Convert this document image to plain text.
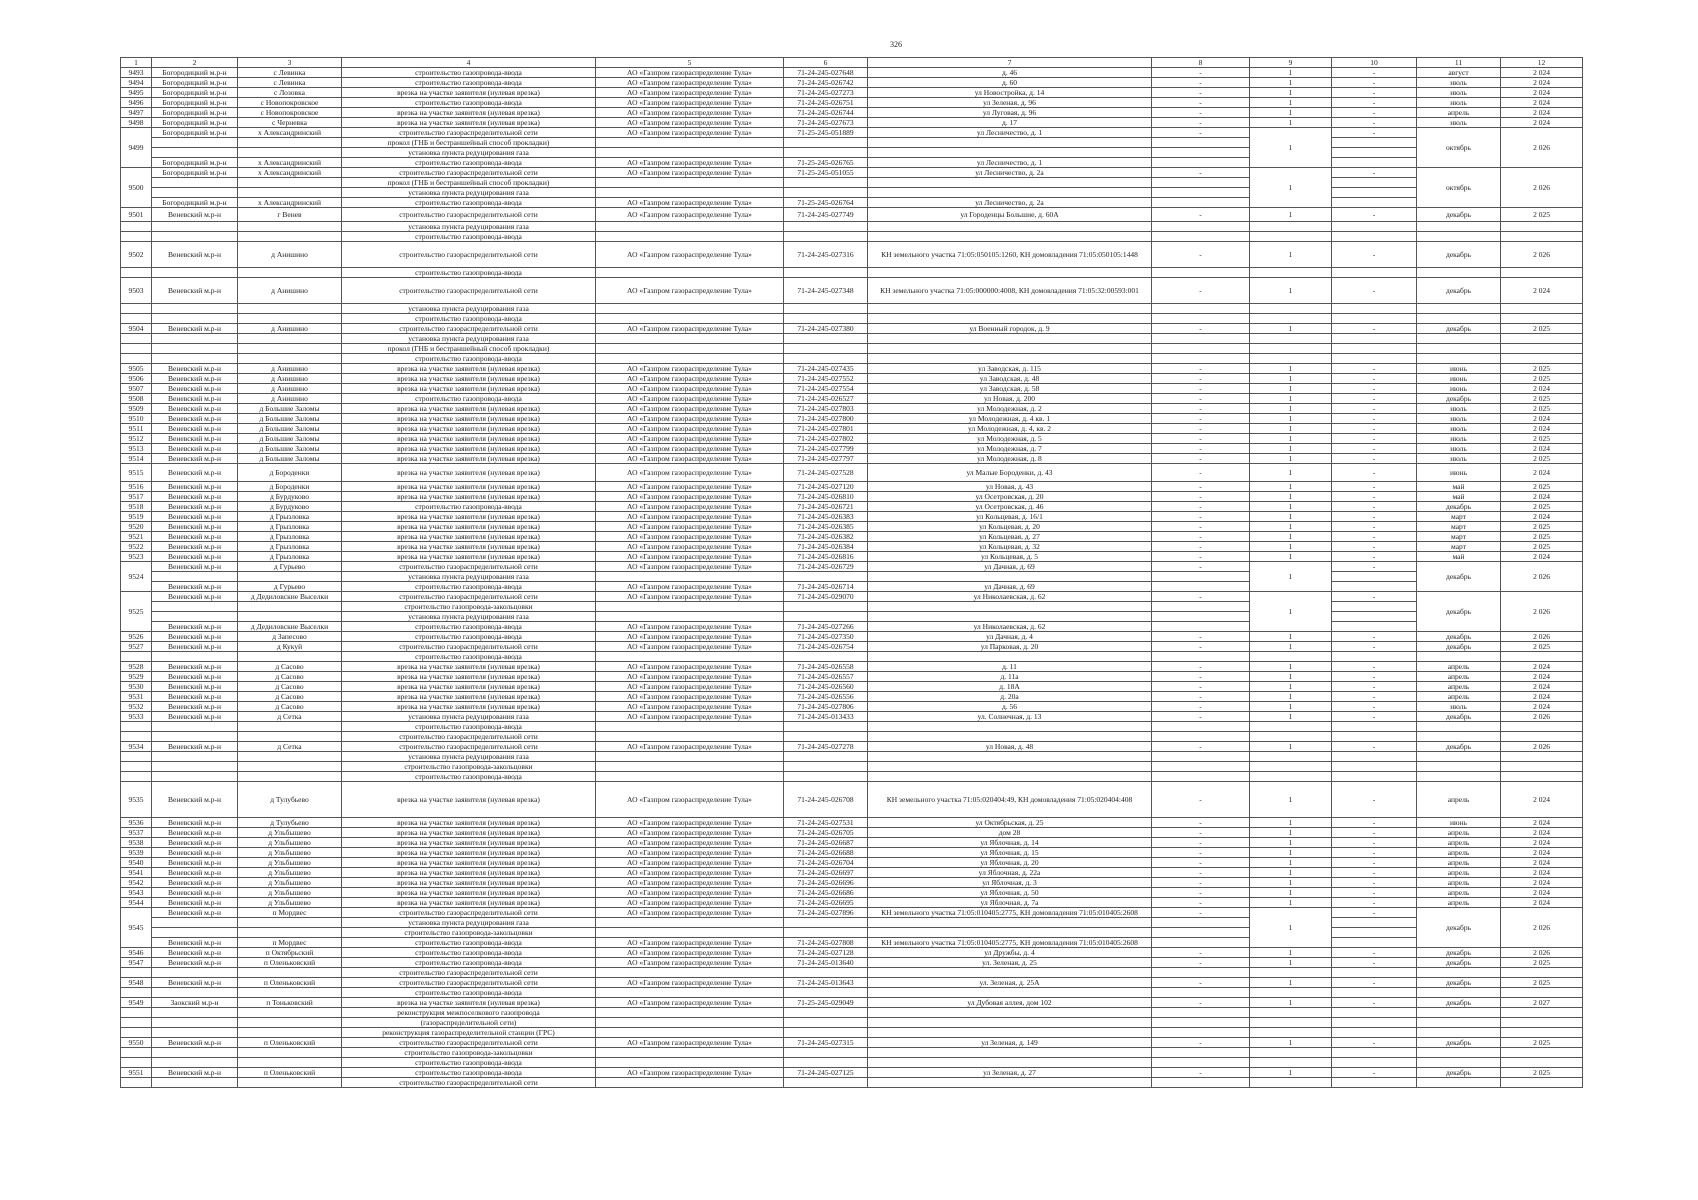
326
1	2	3	4	5	6	7	8	9	10	11	12
9493	Богородицкий м.р-н	с Левинка	строительство газопровода-ввода	АО «Газпром газораспределение Тула»	71-24-245-027648	д. 46	-	1	-	август	2 024
9494	Богородицкий м.р-н	с Левинка	строительство газопровода-ввода	АО «Газпром газораспределение Тула»	71-24-245-026742	д. 60	-	1	-	июль	2 024
9495	Богородицкий м.р-н	с Лозовка	врезка на участке заявителя (нулевая врезка)	АО «Газпром газораспределение Тула»	71-24-245-027273	ул Новостройка, д. 14	-	1	-	июль	2 024
9496	Богородицкий м.р-н	с Новопокровское	строительство газопровода-ввода	АО «Газпром газораспределение Тула»	71-24-245-026751	ул Зеленая, д. 96	-	1	-	июль	2 024
9497	Богородицкий м.р-н	с Новопокровское	врезка на участке заявителя (нулевая врезка)	АО «Газпром газораспределение Тула»	71-24-245-026744	ул Луговая, д. 96	-	1	-	апрель	2 024
9498	Богородицкий м.р-н	с Черневка	врезка на участке заявителя (нулевая врезка)	АО «Газпром газораспределение Тула»	71-24-245-027673	д. 17	-	1	-	июль	2 024
9499	Богородицкий м.р-н	х Александринский	строительство газораспределительной сети	АО «Газпром газораспределение Тула»	71-25-245-051889	ул Лесничество, д. 1	-	1	-	октябрь	2 026
			прокол (ГНБ и бестраншейный способ прокладки)								
			установка пункта редуцирования газа								
	Богородицкий м.р-н	х Александринский	строительство газопровода-ввода	АО «Газпром газораспределение Тула»	71-25-245-026765	ул Лесничество, д. 1					
9500	Богородицкий м.р-н	х Александринский	строительство газораспределительной сети	АО «Газпром газораспределение Тула»	71-25-245-051055	ул Лесничество, д. 2а	-	1	-	октябрь	2 026
			прокол (ГНБ и бестраншейный способ прокладки)								
			установка пункта редуцирования газа								
	Богородицкий м.р-н	х Александринский	строительство газопровода-ввода	АО «Газпром газораспределение Тула»	71-25-245-026764	ул Лесничество, д. 2а					
9501	Веневский м.р-н	г Венев	строительство газораспределительной сети	АО «Газпром газораспределение Тула»	71-24-245-027749	ул Городенцы Большие, д. 60А	-	1	-	декабрь	2 025
			установка пункта редуцирования газа								
			строительство газопровода-ввода								
9502	Веневский м.р-н	д Анишино	строительство газораспределительной сети	АО «Газпром газораспределение Тула»	71-24-245-027316	КН земельного участка 71:05:050105:1260, КН домовладения 71:05:050105:1448	-	1	-	декабрь	2 026
			строительство газопровода-ввода								
9503	Веневский м.р-н	д Анишино	строительство газораспределительной сети	АО «Газпром газораспределение Тула»	71-24-245-027348	КН земельного участка 71:05:000000:4008, КН домовладения 71:05:32:00593:001	-	1	-	декабрь	2 024
			установка пункта редуцирования газа								
			строительство газопровода-ввода								
9504	Веневский м.р-н	д Анишино	строительство газораспределительной сети	АО «Газпром газораспределение Тула»	71-24-245-027380	ул Военный городок, д. 9	-	1	-	декабрь	2 025
			установка пункта редуцирования газа								
			прокол (ГНБ и бестраншейный способ прокладки)								
			строительство газопровода-ввода								
9505	Веневский м.р-н	д Анишино	врезка на участке заявителя (нулевая врезка)	АО «Газпром газораспределение Тула»	71-24-245-027435	ул Заводская, д. 115	-	1	-	июнь	2 025
9506	Веневский м.р-н	д Анишино	врезка на участке заявителя (нулевая врезка)	АО «Газпром газораспределение Тула»	71-24-245-027552	ул Заводская, д. 48	-	1	-	июнь	2 025
9507	Веневский м.р-н	д Анишино	врезка на участке заявителя (нулевая врезка)	АО «Газпром газораспределение Тула»	71-24-245-027554	ул Заводская, д. 58	-	1	-	июнь	2 024
9508	Веневский м.р-н	д Анишино	строительство газопровода-ввода	АО «Газпром газораспределение Тула»	71-24-245-026527	ул Новая, д. 200	-	1	-	декабрь	2 025
9509	Веневский м.р-н	д Большие Заломы	врезка на участке заявителя (нулевая врезка)	АО «Газпром газораспределение Тула»	71-24-245-027803	ул Молодежная, д. 2	-	1	-	июль	2 025
9510	Веневский м.р-н	д Большие Заломы	врезка на участке заявителя (нулевая врезка)	АО «Газпром газораспределение Тула»	71-24-245-027800	ул Молодежная, д. 4 кв. 1	-	1	-	июль	2 024
9511	Веневский м.р-н	д Большие Заломы	врезка на участке заявителя (нулевая врезка)	АО «Газпром газораспределение Тула»	71-24-245-027801	ул Молодежная, д. 4, кв. 2	-	1	-	июль	2 024
9512	Веневский м.р-н	д Большие Заломы	врезка на участке заявителя (нулевая врезка)	АО «Газпром газораспределение Тула»	71-24-245-027802	ул Молодежная, д. 5	-	1	-	июль	2 025
9513	Веневский м.р-н	д Большие Заломы	врезка на участке заявителя (нулевая врезка)	АО «Газпром газораспределение Тула»	71-24-245-027799	ул Молодежная, д. 7	-	1	-	июль	2 024
9514	Веневский м.р-н	д Большие Заломы	врезка на участке заявителя (нулевая врезка)	АО «Газпром газораспределение Тула»	71-24-245-027797	ул Молодежная, д. 8	-	1	-	июль	2 025
9515	Веневский м.р-н	д Бороденки	врезка на участке заявителя (нулевая врезка)	АО «Газпром газораспределение Тула»	71-24-245-027528	ул Малые Бороденки, д. 43	-	1	-	июнь	2 024
9516	Веневский м.р-н	д Бороденки	врезка на участке заявителя (нулевая врезка)	АО «Газпром газораспределение Тула»	71-24-245-027120	ул Новая, д. 43	-	1	-	май	2 025
9517	Веневский м.р-н	д Бурдуково	врезка на участке заявителя (нулевая врезка)	АО «Газпром газораспределение Тула»	71-24-245-026810	ул Осетровская, д. 20	-	1	-	май	2 024
9518	Веневский м.р-н	д Бурдуково	строительство газопровода-ввода	АО «Газпром газораспределение Тула»	71-24-245-026721	ул Осетровская, д. 46	-	1	-	декабрь	2 025
9519	Веневский м.р-н	д Грызловка	врезка на участке заявителя (нулевая врезка)	АО «Газпром газораспределение Тула»	71-24-245-026383	ул Кольцевая, д. 16/1	-	1	-	март	2 024
9520	Веневский м.р-н	д Грызловка	врезка на участке заявителя (нулевая врезка)	АО «Газпром газораспределение Тула»	71-24-245-026385	ул Кольцевая, д. 20	-	1	-	март	2 025
9521	Веневский м.р-н	д Грызловка	врезка на участке заявителя (нулевая врезка)	АО «Газпром газораспределение Тула»	71-24-245-026382	ул Кольцевая, д. 27	-	1	-	март	2 025
9522	Веневский м.р-н	д Грызловка	врезка на участке заявителя (нулевая врезка)	АО «Газпром газораспределение Тула»	71-24-245-026384	ул Кольцевая, д. 32	-	1	-	март	2 025
9523	Веневский м.р-н	д Грызловка	врезка на участке заявителя (нулевая врезка)	АО «Газпром газораспределение Тула»	71-24-245-026816	ул Кольцевая, д. 5	-	1	-	май	2 024
9524	Веневский м.р-н	д Гурьево	строительство газораспределительной сети	АО «Газпром газораспределение Тула»	71-24-245-026729	ул Дачная, д. 69	-	1	-	декабрь	2 026
			установка пункта редуцирования газа								
	Веневский м.р-н	д Гурьево	строительство газопровода-ввода	АО «Газпром газораспределение Тула»	71-24-245-026714	ул Дачная, д. 69					
9525	Веневский м.р-н	д Дедиловские Выселки	строительство газораспределительной сети	АО «Газпром газораспределение Тула»	71-24-245-029070	ул Николаевская, д. 62	-	1	-	декабрь	2 026
			строительство газопровода-закольцовки								
			установка пункта редуцирования газа								
	Веневский м.р-н	д Дедиловские Выселки	строительство газопровода-ввода	АО «Газпром газораспределение Тула»	71-24-245-027266	ул Николаевская, д. 62					
9526	Веневский м.р-н	д Запесово	строительство газопровода-ввода	АО «Газпром газораспределение Тула»	71-24-245-027350	ул Дачная, д. 4	-	1	-	декабрь	2 026
9527	Веневский м.р-н	д Кукуй	строительство газораспределительной сети	АО «Газпром газораспределение Тула»	71-24-245-026754	ул Парковая, д. 20	-	1	-	декабрь	2 025
			строительство газопровода-ввода								
9528	Веневский м.р-н	д Сасово	врезка на участке заявителя (нулевая врезка)	АО «Газпром газораспределение Тула»	71-24-245-026558	д. 11	-	1	-	апрель	2 024
9529	Веневский м.р-н	д Сасово	врезка на участке заявителя (нулевая врезка)	АО «Газпром газораспределение Тула»	71-24-245-026557	д. 11а	-	1	-	апрель	2 024
9530	Веневский м.р-н	д Сасово	врезка на участке заявителя (нулевая врезка)	АО «Газпром газораспределение Тула»	71-24-245-026560	д. 18А	-	1	-	апрель	2 024
9531	Веневский м.р-н	д Сасово	врезка на участке заявителя (нулевая врезка)	АО «Газпром газораспределение Тула»	71-24-245-026556	д. 20а	-	1	-	апрель	2 024
9532	Веневский м.р-н	д Сасово	врезка на участке заявителя (нулевая врезка)	АО «Газпром газораспределение Тула»	71-24-245-027806	д. 56	-	1	-	июль	2 024
9533	Веневский м.р-н	д Сетка	установка пункта редуцирования газа	АО «Газпром газораспределение Тула»	71-24-245-013433	ул. Солнечная, д. 13	-	1	-	декабрь	2 026
			строительство газопровода-ввода								
			строительство газораспределительной сети								
9534	Веневский м.р-н	д Сетка	строительство газораспределительной сети	АО «Газпром газораспределение Тула»	71-24-245-027278	ул Новая, д. 48	-	1	-	декабрь	2 026
			установка пункта редуцирования газа								
			строительство газопровода-закольцовки								
			строительство газопровода-ввода								
9535	Веневский м.р-н	д Тулубьево	врезка на участке заявителя (нулевая врезка)	АО «Газпром газораспределение Тула»	71-24-245-026708	КН земельного участка 71:05:020404:49, КН домовладения 71:05:020404:408	-	1	-	апрель	2 024
9536	Веневский м.р-н	д Тулубьево	врезка на участке заявителя (нулевая врезка)	АО «Газпром газораспределение Тула»	71-24-245-027531	ул Октябрьская, д. 25	-	1	-	июнь	2 024
9537	Веневский м.р-н	д Ульбышево	врезка на участке заявителя (нулевая врезка)	АО «Газпром газораспределение Тула»	71-24-245-026705	дом 28	-	1	-	апрель	2 024
9538	Веневский м.р-н	д Ульбышево	врезка на участке заявителя (нулевая врезка)	АО «Газпром газораспределение Тула»	71-24-245-026687	ул Яблочная, д. 14	-	1	-	апрель	2 024
9539	Веневский м.р-н	д Ульбышево	врезка на участке заявителя (нулевая врезка)	АО «Газпром газораспределение Тула»	71-24-245-026688	ул Яблочная, д. 15	-	1	-	апрель	2 024
9540	Веневский м.р-н	д Ульбышево	врезка на участке заявителя (нулевая врезка)	АО «Газпром газораспределение Тула»	71-24-245-026704	ул Яблочная, д. 20	-	1	-	апрель	2 024
9541	Веневский м.р-н	д Ульбышево	врезка на участке заявителя (нулевая врезка)	АО «Газпром газораспределение Тула»	71-24-245-026697	ул Яблочная, д. 22а	-	1	-	апрель	2 024
9542	Веневский м.р-н	д Ульбышево	врезка на участке заявителя (нулевая врезка)	АО «Газпром газораспределение Тула»	71-24-245-026696	ул Яблочная, д. 3	-	1	-	апрель	2 024
9543	Веневский м.р-н	д Ульбышево	врезка на участке заявителя (нулевая врезка)	АО «Газпром газораспределение Тула»	71-24-245-026686	ул Яблочная, д. 50	-	1	-	апрель	2 024
9544	Веневский м.р-н	д Ульбышево	врезка на участке заявителя (нулевая врезка)	АО «Газпром газораспределение Тула»	71-24-245-026695	ул Яблочная, д. 7а	-	1	-	апрель	2 024
9545	Веневский м.р-н	п Мордвес	строительство газораспределительной сети	АО «Газпром газораспределение Тула»	71-24-245-027896	КН земельного участка 71:05:010405:2775, КН домовладения 71:05:010405:2608	-	1	-	декабрь	2 026
			установка пункта редуцирования газа								
			строительство газопровода-закольцовки								
	Веневский м.р-н	п Мордвес	строительство газопровода-ввода	АО «Газпром газораспределение Тула»	71-24-245-027808	КН земельного участка 71:05:010405:2775, КН домовладения 71:05:010405:2608					
9546	Веневский м.р-н	п Октябрьский	строительство газопровода-ввода	АО «Газпром газораспределение Тула»	71-24-245-027128	ул Дружбы, д. 4	-	1	-	декабрь	2 026
9547	Веневский м.р-н	п Оленьковский	строительство газопровода-ввода	АО «Газпром газораспределение Тула»	71-24-245-013640	ул. Зеленая, д. 25	-	1	-	декабрь	2 025
			строительство газораспределительной сети								
9548	Веневский м.р-н	п Оленьковский	строительство газораспределительной сети	АО «Газпром газораспределение Тула»	71-24-245-013643	ул. Зеленая, д. 25А	-	1	-	декабрь	2 025
			строительство газопровода-ввода								
9549	Заокский м.р-н	п Тоньковский	врезка на участке заявителя (нулевая врезка)	АО «Газпром газораспределение Тула»	71-25-245-029049	ул Дубовая аллея, дом 102	-	1	-	декабрь	2 027
			реконструкция межпоселкового газопровода								
			(газораспределительной сети)								
			реконструкция газораспределительной станции (ГРС)								
9550	Веневский м.р-н	п Оленьковский	строительство газораспределительной сети	АО «Газпром газораспределение Тула»	71-24-245-027315	ул Зеленая, д. 149	-	1	-	декабрь	2 025
			строительство газопровода-закольцовки								
			строительство газопровода-ввода								
9551	Веневский м.р-н	п Оленьковский	строительство газопровода-ввода	АО «Газпром газораспределение Тула»	71-24-245-027125	ул Зеленая, д. 27	-	1	-	декабрь	2 025
			строительство газораспределительной сети								
